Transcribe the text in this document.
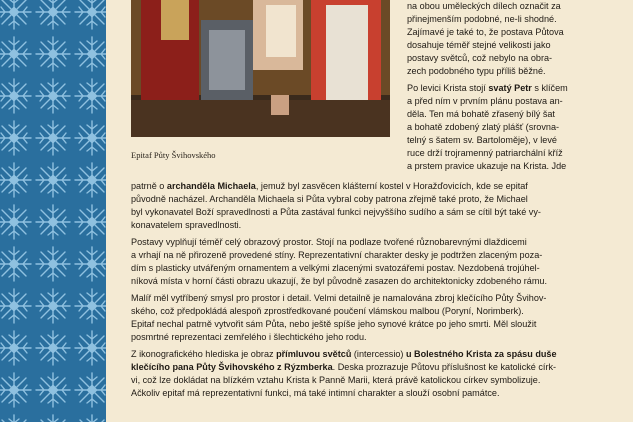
Epitaf Půty Švihovského
na obou uměleckých dílech označit za
přinejmenším podobné, ne-li shodné.
Zajímavé je také to, že postava Půtova
dosahuje téměř stejné velikosti jako
postavy světců, což nebylo na obra-
zech podobného typu příliš běžné.

Po levici Krista stojí svatý Petr s klíčem
a před ním v prvním plánu postava an-
děla. Ten má bohatě zřasený bílý šat
a bohatě zdobený zlatý plášť (srovna-
telný s šatem sv. Bartoloměje), v levé
ruce drží trojramenný patriarchální kříž
a prstem pravice ukazuje na Krista. Jde
patrně o archanděla Michaela, jemuž byl zasvěcen klášterní kostel v Horažďovicích, kde se epitaf
původně nacházel. Archanděla Michaela si Půta vybral coby patrona zřejmě také proto, že Michael
byl vykonavatel Boží spravedlnosti a Půta zastával funkci nejvyššího sudího a sám se cítil být také vy-
konavatelem spravedlnosti.

Postavy vyplňují téměř celý obrazový prostor. Stojí na podlaze tvořené různobarevnými dlaždicemi
a vrhají na ně přirozeně provedené stíny. Reprezentativní charakter desky je podtržen zlaceným poza-
dím s plasticky utvářeným ornamentem a velkými zlacenými svatozářemi postav. Nezdobená trojúhel-
níková místa v horní části obrazu ukazují, že byl původně zasazen do architektonicky zdobeného rámu.

Malíř měl vytříbený smysl pro prostor i detail. Velmi detailně je namalována zbroj klečícího Půty Švihov-
ského, což předpokládá alespoň zprostředkované poučení vlámskou malbou (Poryní, Norimberk).
Epitaf nechal patrně vytvořit sám Půta, nebo ještě spíše jeho synové krátce po jeho smrti. Měl sloužit
posmrtné reprezentaci zemřelého i šlechtického jeho rodu.

Z ikonografického hlediska je obraz přímluvou světců (intercessio) u Bolestného Krista za spásu duše
klečícího pana Půty Švihovského z Rýzmberka. Deska prozrazuje Půtovu příslušnost ke katolické círk-
vi, což lze dokládat na blízkém vztahu Krista k Panně Marii, která právě katolickou církev symbolizuje.
Ačkoliv epitaf má reprezentativní funkci, má také intimní charakter a slouží osobní památce.
